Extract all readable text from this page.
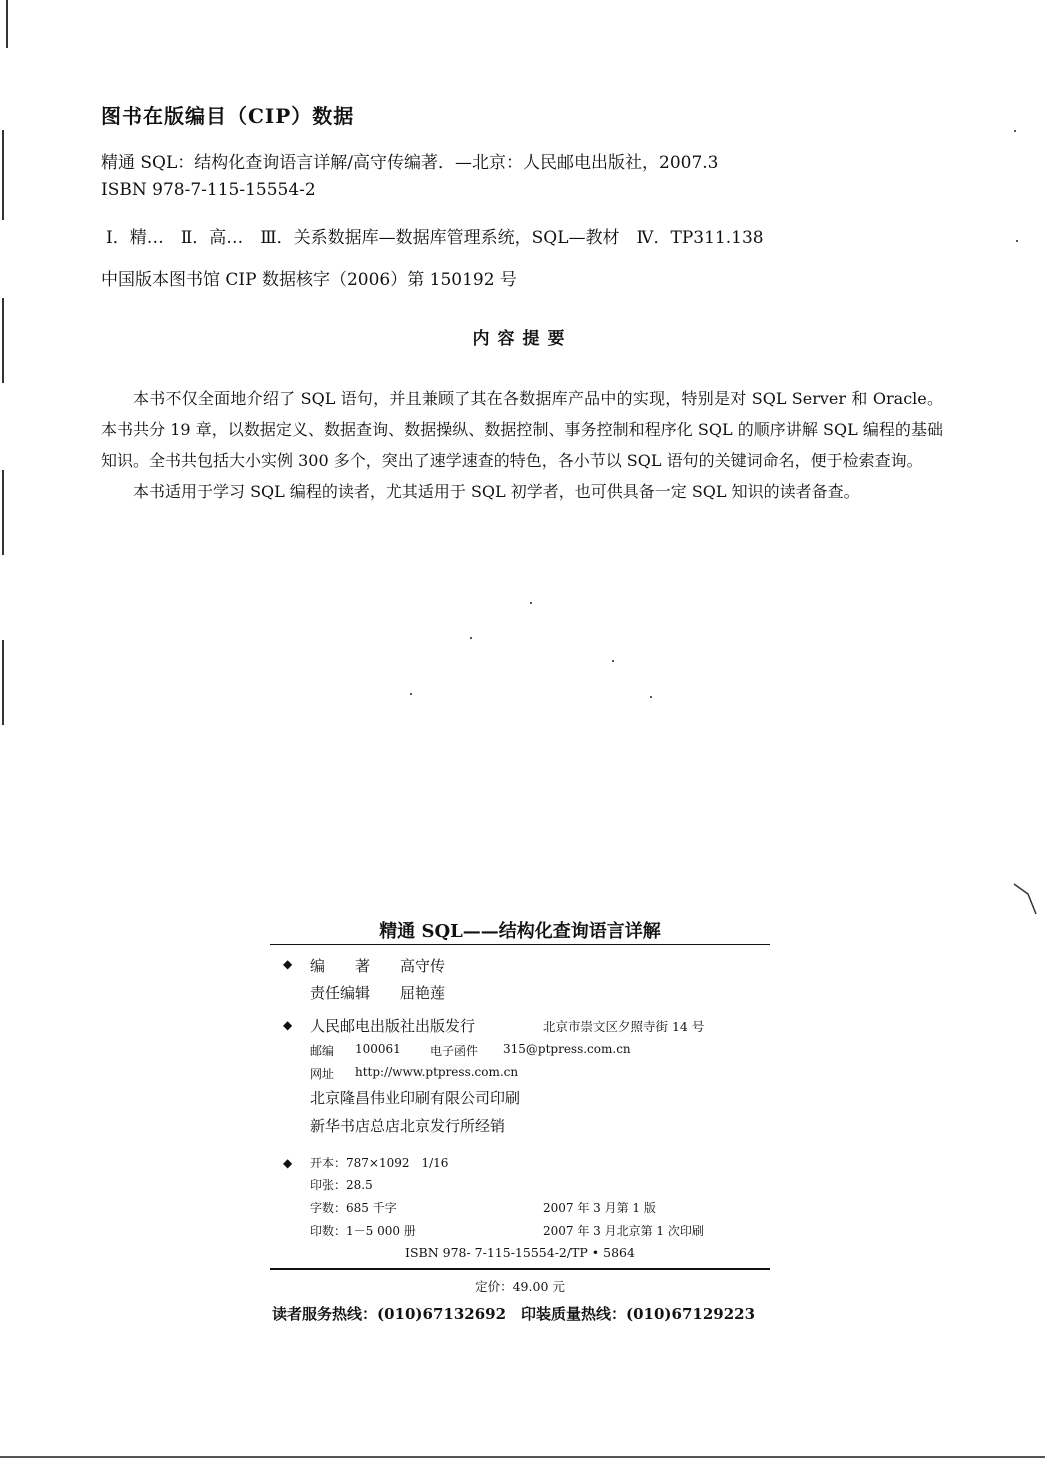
图书在版编目（CIP）数据
精通 SQL：结构化查询语言详解/高守传编著．—北京：人民邮电出版社，2007.3
ISBN 978-7-115-15554-2
Ⅰ．精…　Ⅱ．高…　Ⅲ．关系数据库—数据库管理系统，SQL—教材　Ⅳ．TP311.138
中国版本图书馆 CIP 数据核字（2006）第 150192 号
内容提要

本书不仅全面地介绍了 SQL 语句，并且兼顾了其在各数据库产品中的实现，特别是对 SQL Server 和 Oracle。本书共分 19 章，以数据定义、数据查询、数据操纵、数据控制、事务控制和程序化 SQL 的顺序讲解 SQL 编程的基础知识。全书共包括大小实例 300 多个，突出了速学速查的特色，各小节以 SQL 语句的关键词命名，便于检索查询。

本书适用于学习 SQL 编程的读者，尤其适用于 SQL 初学者，也可供具备一定 SQL 知识的读者备查。

精通 SQL——结构化查询语言详解
◆ 编　　著 高守传
责任编辑 屈艳莲
◆ 人民邮电出版社出版发行	北京市崇文区夕照寺街 14 号
邮编 100061 电子函件 315@ptpress.com.cn
网址 http://www.ptpress.com.cn
北京隆昌伟业印刷有限公司印刷
新华书店总店北京发行所经销
◆ 开本：787×1092　1/16
印张：28.5
字数：685 千字	2007 年 3 月第 1 版
印数：1－5 000 册	2007 年 3 月北京第 1 次印刷
ISBN 978- 7-115-15554-2/TP • 5864
定价：49.00 元
读者服务热线：(010)67132692　印装质量热线：(010)67129223
